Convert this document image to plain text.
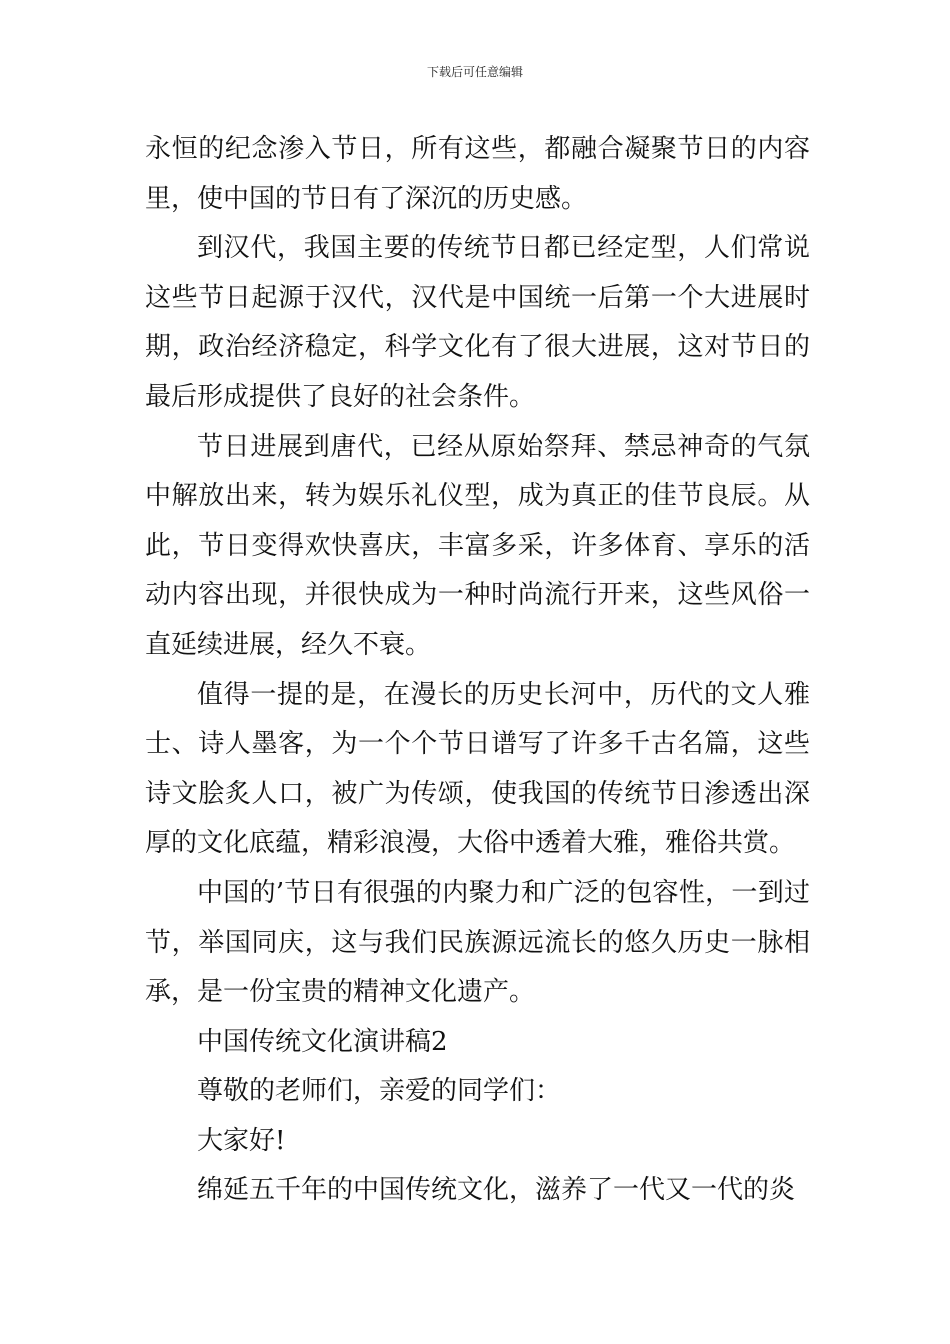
下载后可任意编辑

永恒的纪念渗入节日，所有这些，都融合凝聚节日的内容里，使中国的节日有了深沉的历史感。

到汉代，我国主要的传统节日都已经定型，人们常说这些节日起源于汉代，汉代是中国统一后第一个大进展时期，政治经济稳定，科学文化有了很大进展，这对节日的最后形成提供了良好的社会条件。

节日进展到唐代，已经从原始祭拜、禁忌神奇的气氛中解放出来，转为娱乐礼仪型，成为真正的佳节良辰。从此，节日变得欢快喜庆，丰富多采，许多体育、享乐的活动内容出现，并很快成为一种时尚流行开来，这些风俗一直延续进展，经久不衰。

值得一提的是，在漫长的历史长河中，历代的文人雅士、诗人墨客，为一个个节日谱写了许多千古名篇，这些诗文脍炙人口，被广为传颂，使我国的传统节日渗透出深厚的文化底蕴，精彩浪漫，大俗中透着大雅，雅俗共赏。

中国的’节日有很强的内聚力和广泛的包容性，一到过节，举国同庆，这与我们民族源远流长的悠久历史一脉相承，是一份宝贵的精神文化遗产。

中国传统文化演讲稿2

尊敬的老师们，亲爱的同学们：

大家好!

绵延五千年的中国传统文化，滋养了一代又一代的炎
